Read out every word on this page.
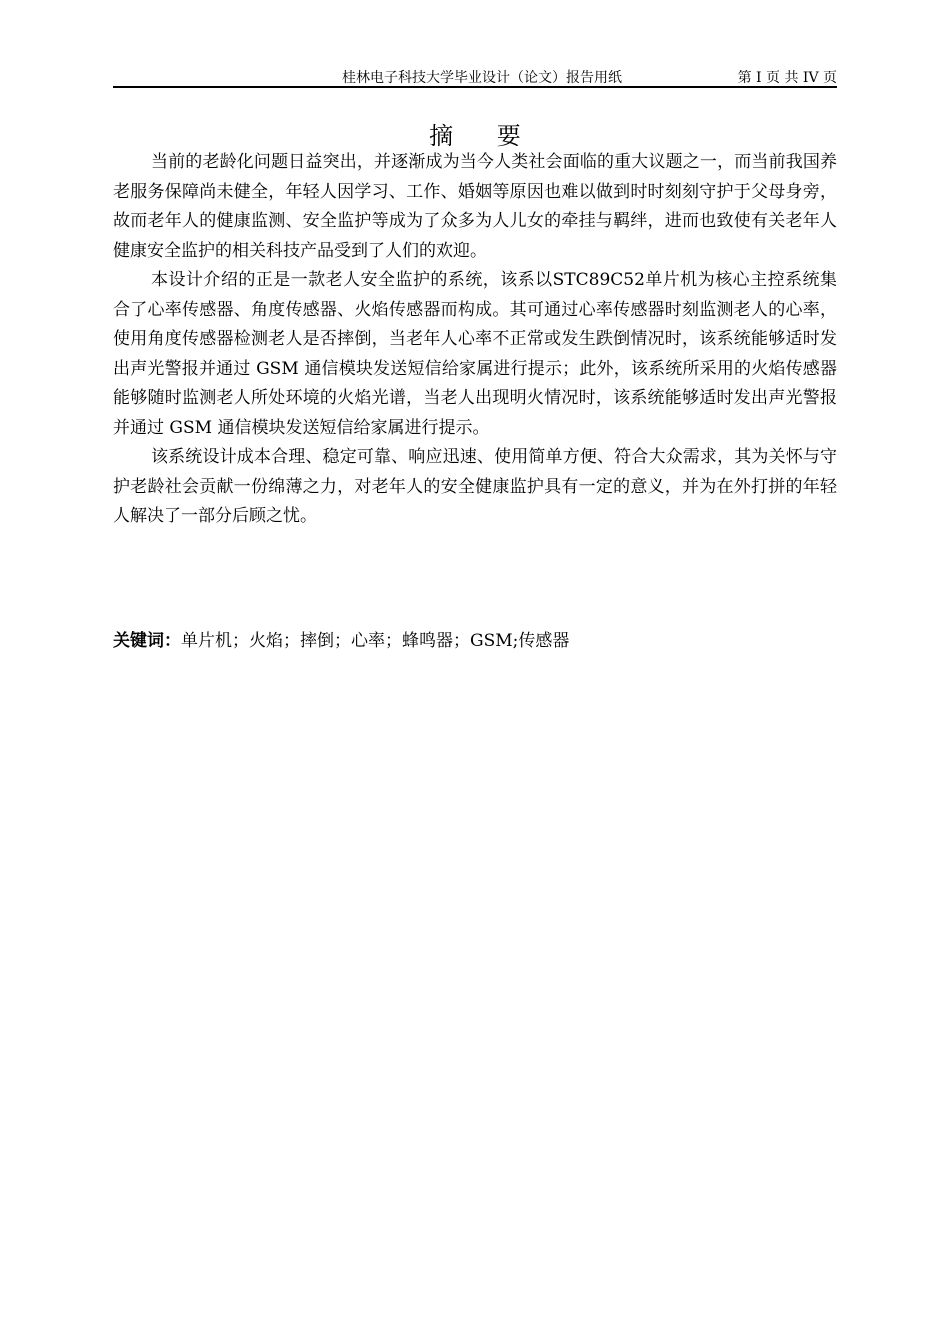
桂林电子科技大学毕业设计（论文）报告用纸	第 I 页 共 IV 页
摘 要

当前的老龄化问题日益突出，并逐渐成为当今人类社会面临的重大议题之一，而当前我国养老服务保障尚未健全，年轻人因学习、工作、婚姻等原因也难以做到时时刻刻守护于父母身旁，故而老年人的健康监测、安全监护等成为了众多为人儿女的牵挂与羁绊，进而也致使有关老年人健康安全监护的相关科技产品受到了人们的欢迎。

本设计介绍的正是一款老人安全监护的系统，该系以STC89C52单片机为核心主控系统集合了心率传感器、角度传感器、火焰传感器而构成。其可通过心率传感器时刻监测老人的心率，使用角度传感器检测老人是否摔倒，当老年人心率不正常或发生跌倒情况时，该系统能够适时发出声光警报并通过 GSM 通信模块发送短信给家属进行提示；此外，该系统所采用的火焰传感器能够随时监测老人所处环境的火焰光谱，当老人出现明火情况时，该系统能够适时发出声光警报并通过 GSM 通信模块发送短信给家属进行提示。

该系统设计成本合理、稳定可靠、响应迅速、使用简单方便、符合大众需求，其为关怀与守护老龄社会贡献一份绵薄之力，对老年人的安全健康监护具有一定的意义，并为在外打拼的年轻人解决了一部分后顾之忧。

关键词：单片机；火焰；摔倒；心率；蜂鸣器；GSM;传感器
